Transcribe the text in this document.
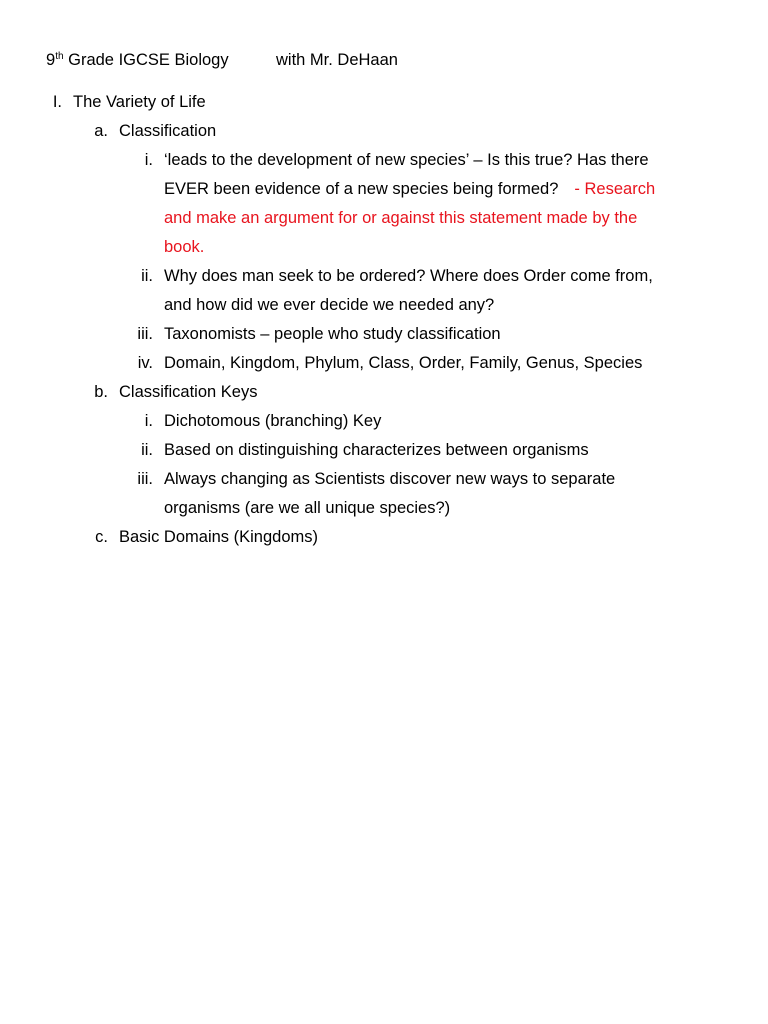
9th Grade IGCSE Biology	with Mr. DeHaan
I. The Variety of Life
a. Classification
i. ‘leads to the development of new species’ – Is this true? Has there
EVER been evidence of a new species being formed? - Research
and make an argument for or against this statement made by the
book.
ii. Why does man seek to be ordered? Where does Order come from,
and how did we ever decide we needed any?
iii. Taxonomists – people who study classification
iv. Domain, Kingdom, Phylum, Class, Order, Family, Genus, Species
b. Classification Keys
i. Dichotomous (branching) Key
ii. Based on distinguishing characterizes between organisms
iii. Always changing as Scientists discover new ways to separate
organisms (are we all unique species?)
c. Basic Domains (Kingdoms)
